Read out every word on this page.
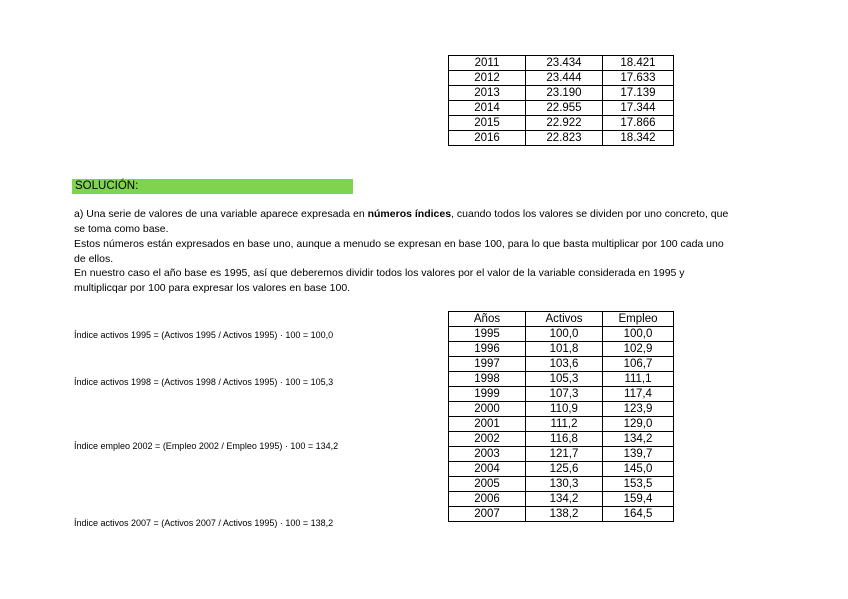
2011	23.434	18.421
2012	23.444	17.633
2013	23.190	17.139
2014	22.955	17.344
2015	22.922	17.866
2016	22.823	18.342
SOLUCIÓN:
a) Una serie de valores de una variable aparece expresada en números índices, cuando todos los valores se dividen por uno concreto, que se toma como base.
Estos números están expresados en base uno, aunque a menudo se expresan en base 100, para lo que basta multiplicar por 100 cada uno de ellos.
En nuestro caso el año base es 1995, así que deberemos dividir todos los valores por el valor de la variable considerada en 1995 y multiplicqar por 100 para expresar los valores en base 100.
Índice activos 1995 = (Activos 1995 / Activos 1995) · 100 = 100,0
Índice activos 1998 = (Activos 1998 / Activos 1995) · 100 = 105,3
Índice empleo 2002 = (Empleo 2002 / Empleo 1995) · 100 = 134,2
Índice activos 2007 = (Activos 2007 / Activos 1995) · 100 = 138,2
Años	Activos	Empleo
1995	100,0	100,0
1996	101,8	102,9
1997	103,6	106,7
1998	105,3	111,1
1999	107,3	117,4
2000	110,9	123,9
2001	111,2	129,0
2002	116,8	134,2
2003	121,7	139,7
2004	125,6	145,0
2005	130,3	153,5
2006	134,2	159,4
2007	138,2	164,5
